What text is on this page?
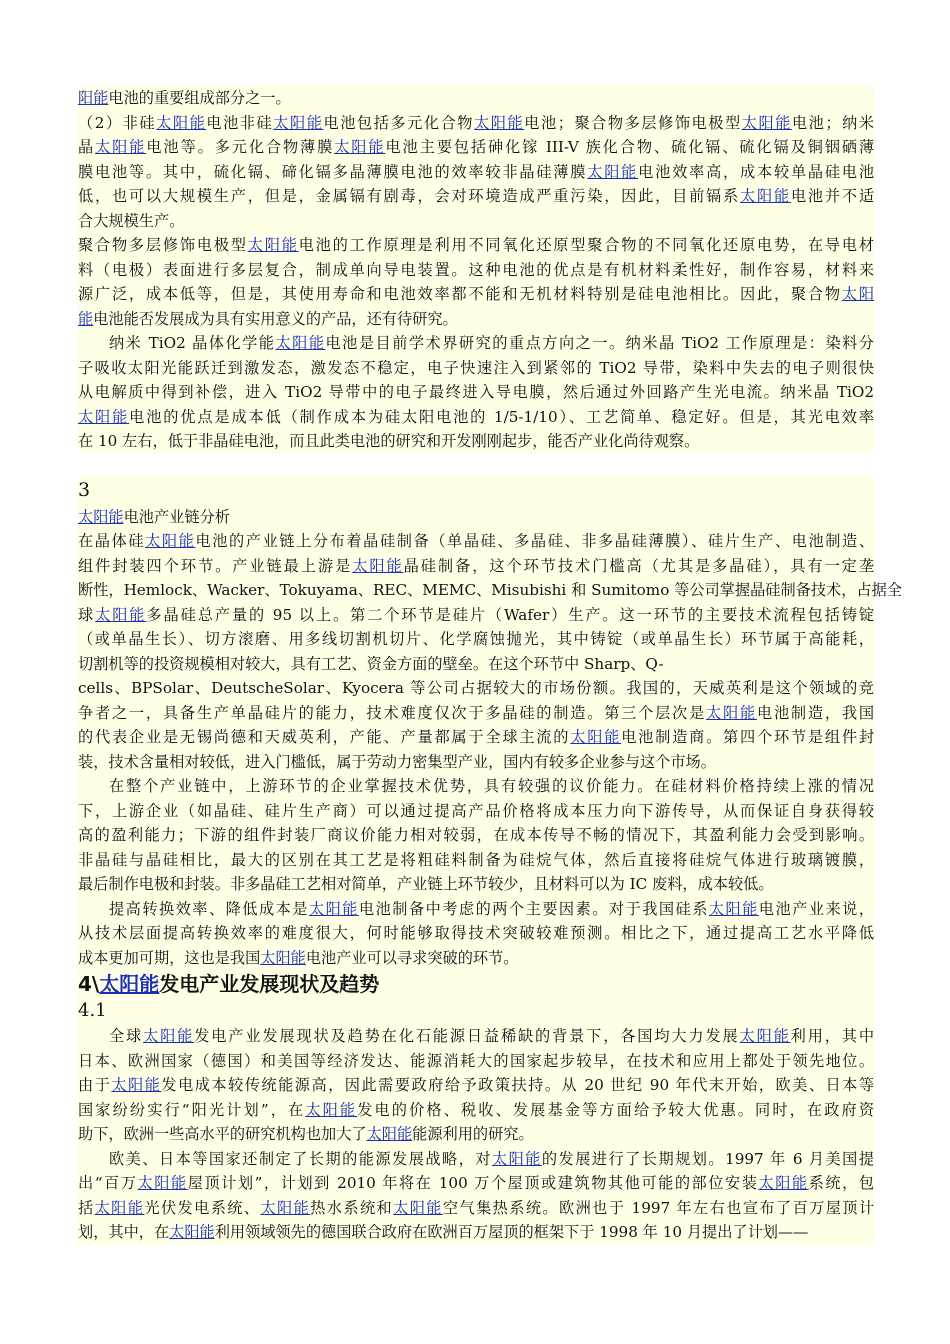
阳能电池的重要组成部分之一。
（2）非硅太阳能电池非硅太阳能电池包括多元化合物太阳能电池；聚合物多层修饰电极型太阳能电池；纳米
晶太阳能电池等。多元化合物薄膜太阳能电池主要包括砷化镓 III-V 族化合物、硫化镉、硫化镉及铜铟硒薄
膜电池等。其中，硫化镉、碲化镉多晶薄膜电池的效率较非晶硅薄膜太阳能电池效率高，成本较单晶硅电池
低，也可以大规模生产，但是，金属镉有剧毒，会对环境造成严重污染，因此，目前镉系太阳能电池并不适
合大规模生产。
聚合物多层修饰电极型太阳能电池的工作原理是利用不同氧化还原型聚合物的不同氧化还原电势，在导电材
料（电极）表面进行多层复合，制成单向导电装置。这种电池的优点是有机材料柔性好，制作容易，材料来
源广泛，成本低等，但是，其使用寿命和电池效率都不能和无机材料特别是硅电池相比。因此，聚合物太阳
能电池能否发展成为具有实用意义的产品，还有待研究。
纳米 TiO2 晶体化学能太阳能电池是目前学术界研究的重点方向之一。纳米晶 TiO2 工作原理是：染料分
子吸收太阳光能跃迁到激发态，激发态不稳定，电子快速注入到紧邻的 TiO2 导带，染料中失去的电子则很快
从电解质中得到补偿，进入 TiO2 导带中的电子最终进入导电膜，然后通过外回路产生光电流。纳米晶 TiO2
太阳能电池的优点是成本低（制作成本为硅太阳电池的 1/5-1/10）、工艺简单、稳定好。但是，其光电效率
在 10 左右，低于非晶硅电池，而且此类电池的研究和开发刚刚起步，能否产业化尚待观察。
3
太阳能电池产业链分析
在晶体硅太阳能电池的产业链上分布着晶硅制备（单晶硅、多晶硅、非多晶硅薄膜）、硅片生产、电池制造、
组件封装四个环节。产业链最上游是太阳能晶硅制备，这个环节技术门槛高（尤其是多晶硅），具有一定垄
断性，Hemlock、Wacker、Tokuyama、REC、MEMC、Misubishi 和 Sumitomo 等公司掌握晶硅制备技术，占据全
球太阳能多晶硅总产量的 95 以上。第二个环节是硅片（Wafer）生产。这一环节的主要技术流程包括铸锭
（或单晶生长）、切方滚磨、用多线切割机切片、化学腐蚀抛光，其中铸锭（或单晶生长）环节属于高能耗，
切割机等的投资规模相对较大，具有工艺、资金方面的壁垒。在这个环节中 Sharp、Q-
cells、BPSolar、DeutscheSolar、Kyocera 等公司占据较大的市场份额。我国的，天威英利是这个领域的竞
争者之一，具备生产单晶硅片的能力，技术难度仅次于多晶硅的制造。第三个层次是太阳能电池制造，我国
的代表企业是无锡尚德和天威英利，产能、产量都属于全球主流的太阳能电池制造商。第四个环节是组件封
装，技术含量相对较低，进入门槛低，属于劳动力密集型产业，国内有较多企业参与这个市场。
在整个产业链中，上游环节的企业掌握技术优势，具有较强的议价能力。在硅材料价格持续上涨的情况
下，上游企业（如晶硅、硅片生产商）可以通过提高产品价格将成本压力向下游传导，从而保证自身获得较
高的盈利能力；下游的组件封装厂商议价能力相对较弱，在成本传导不畅的情况下，其盈利能力会受到影响。
非晶硅与晶硅相比，最大的区别在其工艺是将粗硅料制备为硅烷气体，然后直接将硅烷气体进行玻璃镀膜，
最后制作电极和封装。非多晶硅工艺相对简单，产业链上环节较少，且材料可以为 IC 废料，成本较低。
提高转换效率、降低成本是太阳能电池制备中考虑的两个主要因素。对于我国硅系太阳能电池产业来说，
从技术层面提高转换效率的难度很大，何时能够取得技术突破较难预测。相比之下，通过提高工艺水平降低
成本更加可期，这也是我国太阳能电池产业可以寻求突破的环节。
4\太阳能发电产业发展现状及趋势
4.1
全球太阳能发电产业发展现状及趋势在化石能源日益稀缺的背景下，各国均大力发展太阳能利用，其中
日本、欧洲国家（德国）和美国等经济发达、能源消耗大的国家起步较早，在技术和应用上都处于领先地位。
由于太阳能发电成本较传统能源高，因此需要政府给予政策扶持。从 20 世纪 90 年代末开始，欧美、日本等
国家纷纷实行“阳光计划”，在太阳能发电的价格、税收、发展基金等方面给予较大优惠。同时，在政府资
助下，欧洲一些高水平的研究机构也加大了太阳能能源利用的研究。
欧美、日本等国家还制定了长期的能源发展战略，对太阳能的发展进行了长期规划。1997 年 6 月美国提
出“百万太阳能屋顶计划”，计划到 2010 年将在 100 万个屋顶或建筑物其他可能的部位安装太阳能系统，包
括太阳能光伏发电系统、太阳能热水系统和太阳能空气集热系统。欧洲也于 1997 年左右也宣布了百万屋顶计
划，其中，在太阳能利用领域领先的德国联合政府在欧洲百万屋顶的框架下于 1998 年 10 月提出了计划——
